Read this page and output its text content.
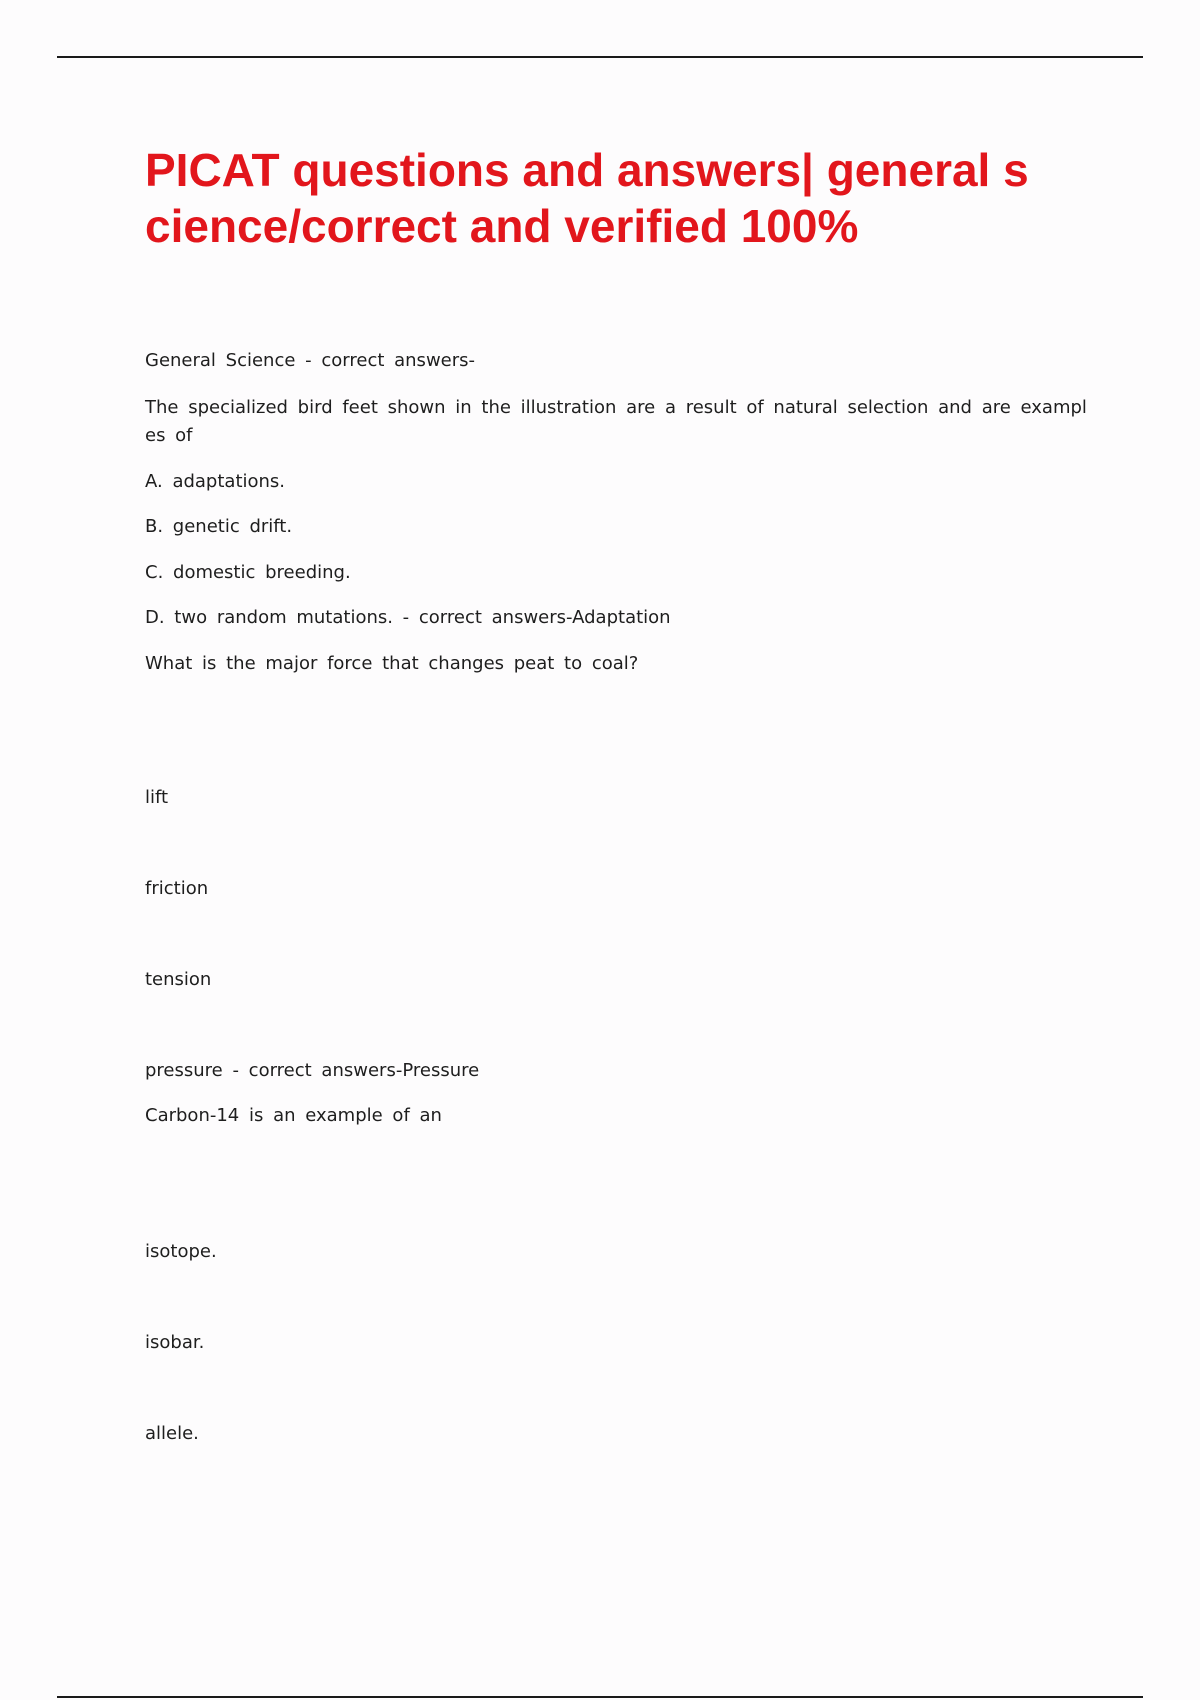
PICAT questions and answers| general s
cience/correct and verified 100%

General Science - correct answers-

The specialized bird feet shown in the illustration are a result of natural selection and are exampl

es of

A. adaptations.

B. genetic drift.

C. domestic breeding.

D. two random mutations. - correct answers-Adaptation

What is the major force that changes peat to coal?

lift

friction

tension

pressure - correct answers-Pressure

Carbon-14 is an example of an

isotope.

isobar.

allele.
